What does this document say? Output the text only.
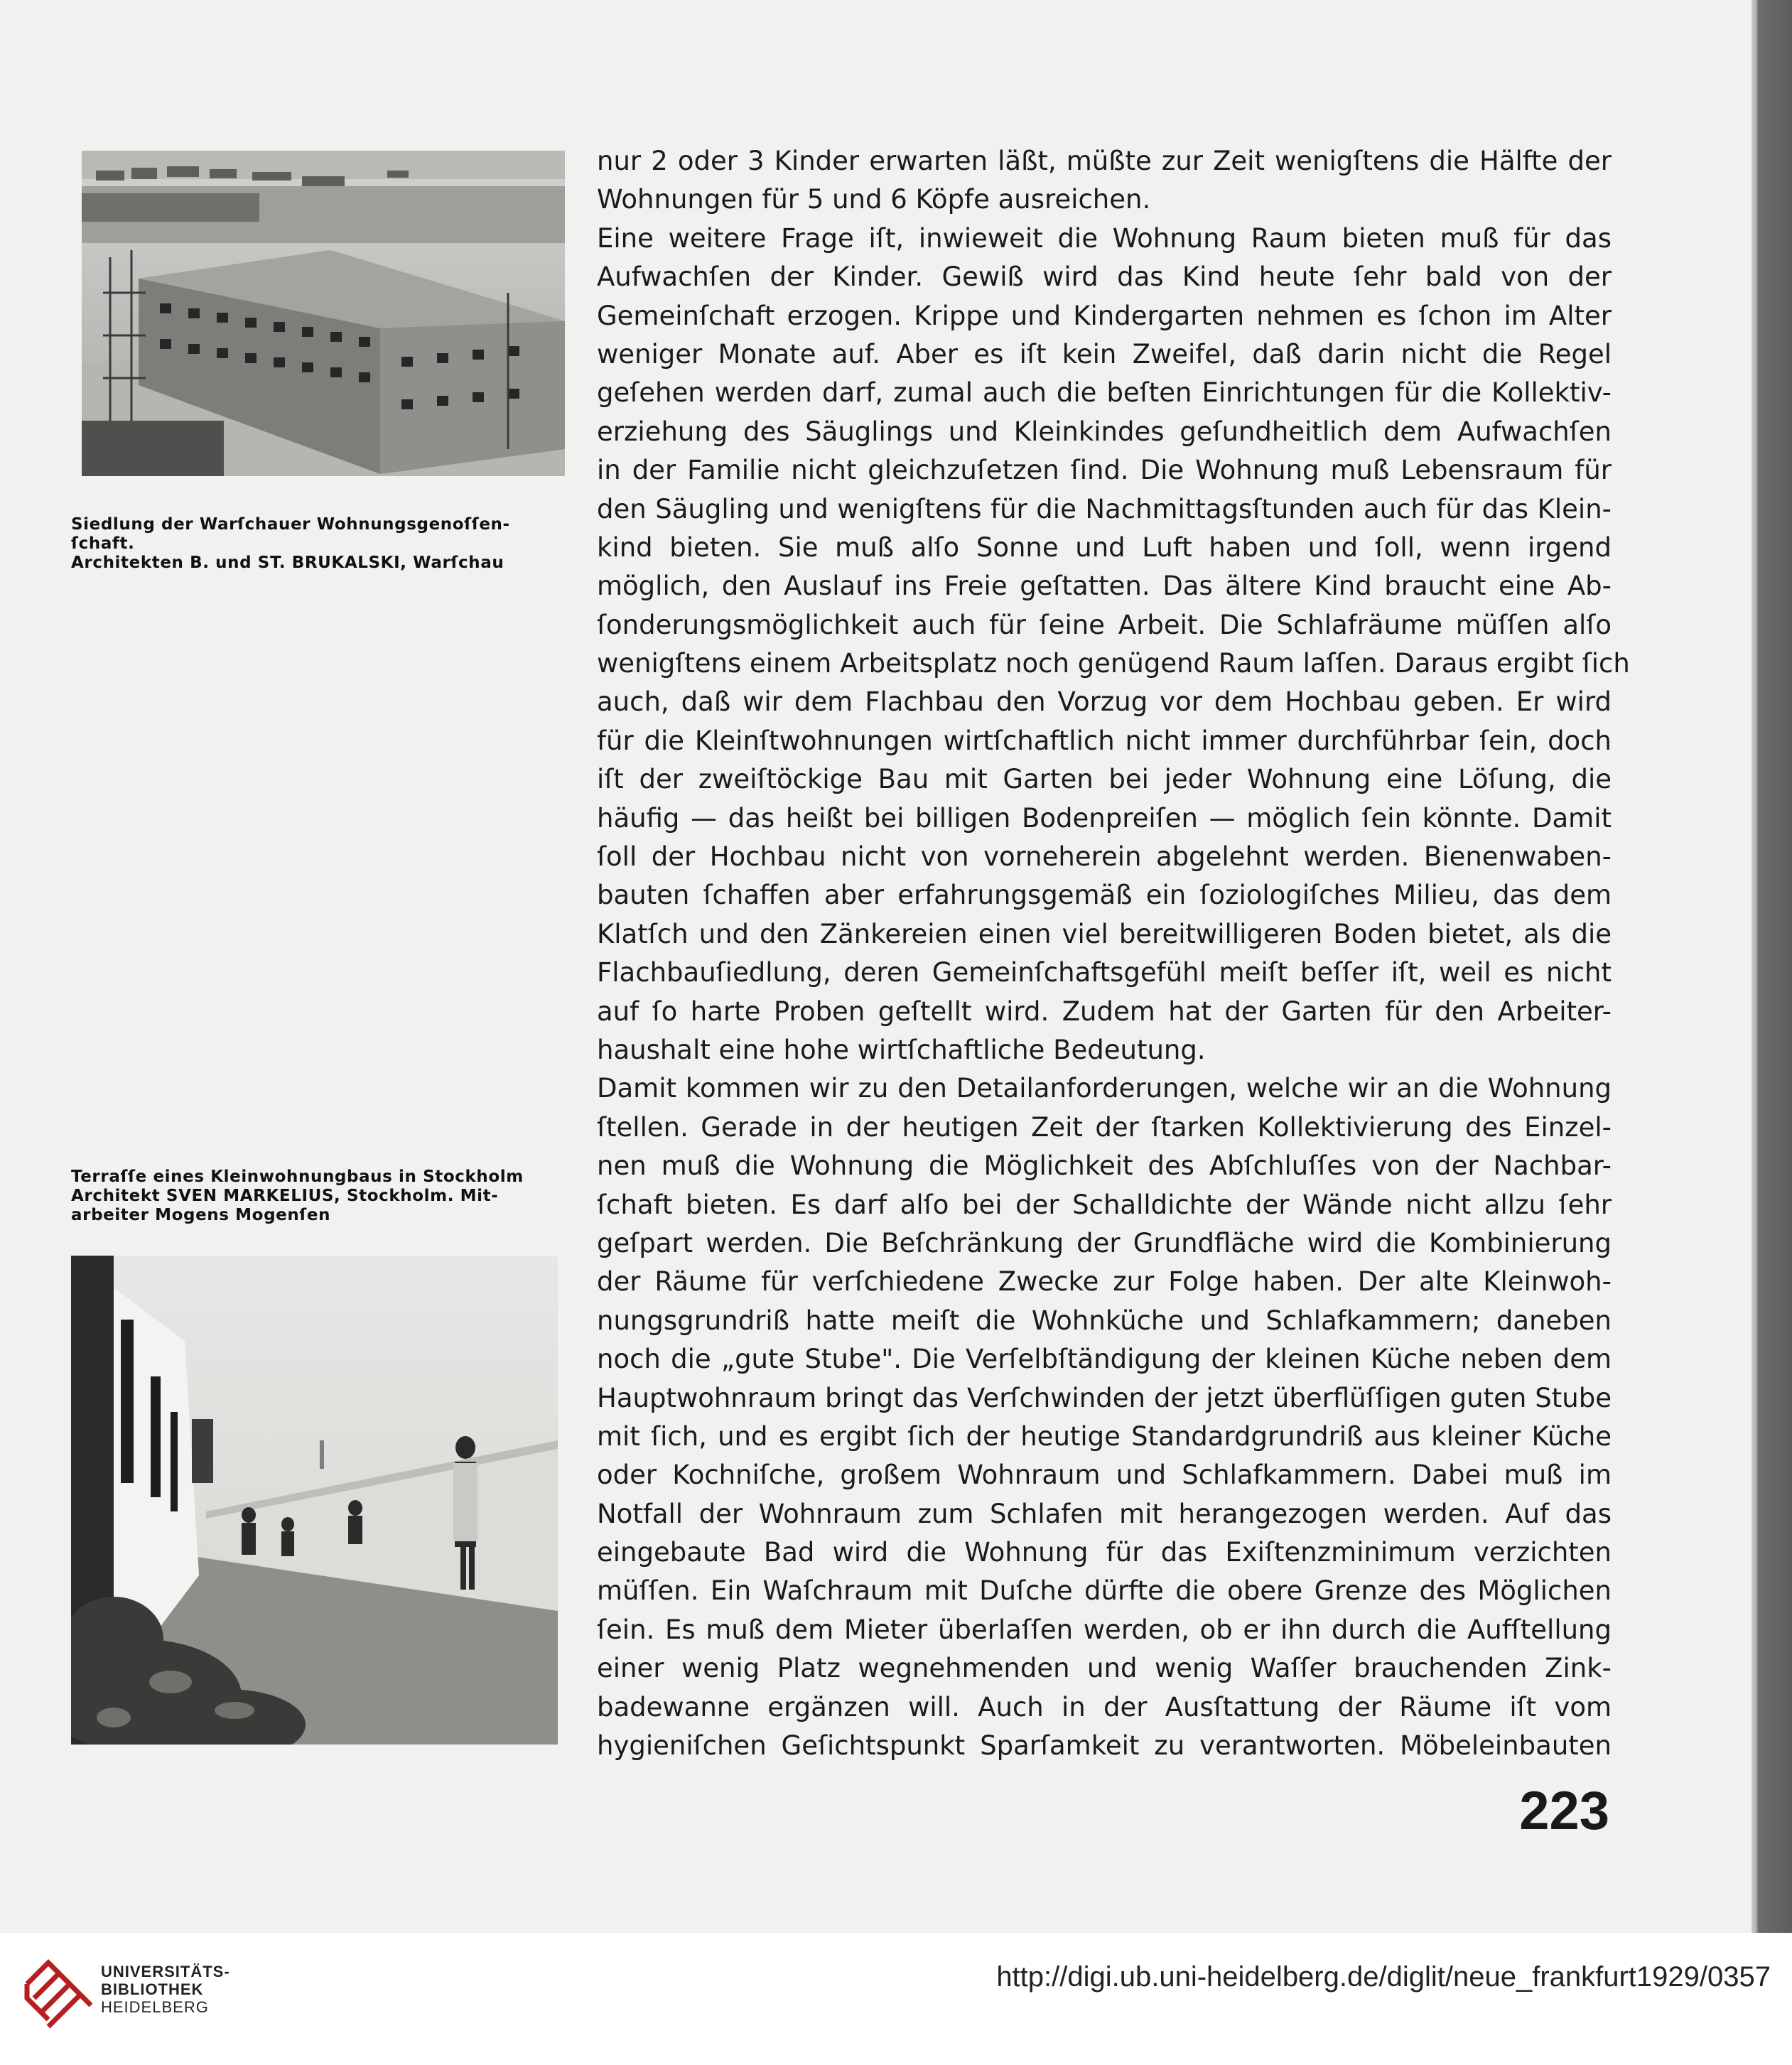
Siedlung der Warſchauer Wohnungsgenoſſen-
ſchaft.
Architekten B. und ST. BRUKALSKI, Warſchau
Terraſſe eines Kleinwohnungbaus in Stockholm
Architekt SVEN MARKELIUS, Stockholm. Mit-
arbeiter Mogens Mogenſen
nur 2 oder 3 Kinder erwarten läßt, müßte zur Zeit wenigſtens die Hälfte der
Wohnungen für 5 und 6 Köpfe ausreichen.
Eine weitere Frage iſt, inwieweit die Wohnung Raum bieten muß für das
Aufwachſen der Kinder. Gewiß wird das Kind heute ſehr bald von der
Gemeinſchaft erzogen. Krippe und Kindergarten nehmen es ſchon im Alter
weniger Monate auf. Aber es iſt kein Zweifel, daß darin nicht die Regel
geſehen werden darf, zumal auch die beſten Einrichtungen für die Kollektiv-
erziehung des Säuglings und Kleinkindes geſundheitlich dem Aufwachſen
in der Familie nicht gleichzuſetzen ſind. Die Wohnung muß Lebensraum für
den Säugling und wenigſtens für die Nachmittagsſtunden auch für das Klein-
kind bieten. Sie muß alſo Sonne und Luft haben und ſoll, wenn irgend
möglich, den Auslauf ins Freie geſtatten. Das ältere Kind braucht eine Ab-
ſonderungsmöglichkeit auch für ſeine Arbeit. Die Schlafräume müſſen alſo
wenigſtens einem Arbeitsplatz noch genügend Raum laſſen. Daraus ergibt ſich
auch, daß wir dem Flachbau den Vorzug vor dem Hochbau geben. Er wird
für die Kleinſtwohnungen wirtſchaftlich nicht immer durchführbar ſein, doch
iſt der zweiſtöckige Bau mit Garten bei jeder Wohnung eine Löſung, die
häufig — das heißt bei billigen Bodenpreiſen — möglich ſein könnte. Damit
ſoll der Hochbau nicht von vorneherein abgelehnt werden. Bienenwaben-
bauten ſchaffen aber erfahrungsgemäß ein ſoziologiſches Milieu, das dem
Klatſch und den Zänkereien einen viel bereitwilligeren Boden bietet, als die
Flachbauſiedlung, deren Gemeinſchaftsgefühl meiſt beſſer iſt, weil es nicht
auf ſo harte Proben geſtellt wird. Zudem hat der Garten für den Arbeiter-
haushalt eine hohe wirtſchaftliche Bedeutung.
Damit kommen wir zu den Detailanforderungen, welche wir an die Wohnung
ſtellen. Gerade in der heutigen Zeit der ſtarken Kollektivierung des Einzel-
nen muß die Wohnung die Möglichkeit des Abſchluſſes von der Nachbar-
ſchaft bieten. Es darf alſo bei der Schalldichte der Wände nicht allzu ſehr
geſpart werden. Die Beſchränkung der Grundfläche wird die Kombinierung
der Räume für verſchiedene Zwecke zur Folge haben. Der alte Kleinwoh-
nungsgrundriß hatte meiſt die Wohnküche und Schlafkammern; daneben
noch die „gute Stube". Die Verſelbſtändigung der kleinen Küche neben dem
Hauptwohnraum bringt das Verſchwinden der jetzt überflüſſigen guten Stube
mit ſich, und es ergibt ſich der heutige Standardgrundriß aus kleiner Küche
oder Kochniſche, großem Wohnraum und Schlafkammern. Dabei muß im
Notfall der Wohnraum zum Schlafen mit herangezogen werden. Auf das
eingebaute Bad wird die Wohnung für das Exiſtenzminimum verzichten
müſſen. Ein Waſchraum mit Duſche dürfte die obere Grenze des Möglichen
ſein. Es muß dem Mieter überlaſſen werden, ob er ihn durch die Aufſtellung
einer wenig Platz wegnehmenden und wenig Waſſer brauchenden Zink-
badewanne ergänzen will. Auch in der Ausſtattung der Räume iſt vom
hygieniſchen Geſichtspunkt Sparſamkeit zu verantworten. Möbeleinbauten
223
UNIVERSITÄTS-
BIBLIOTHEK
HEIDELBERG
http://digi.ub.uni-heidelberg.de/diglit/neue_frankfurt1929/0357
